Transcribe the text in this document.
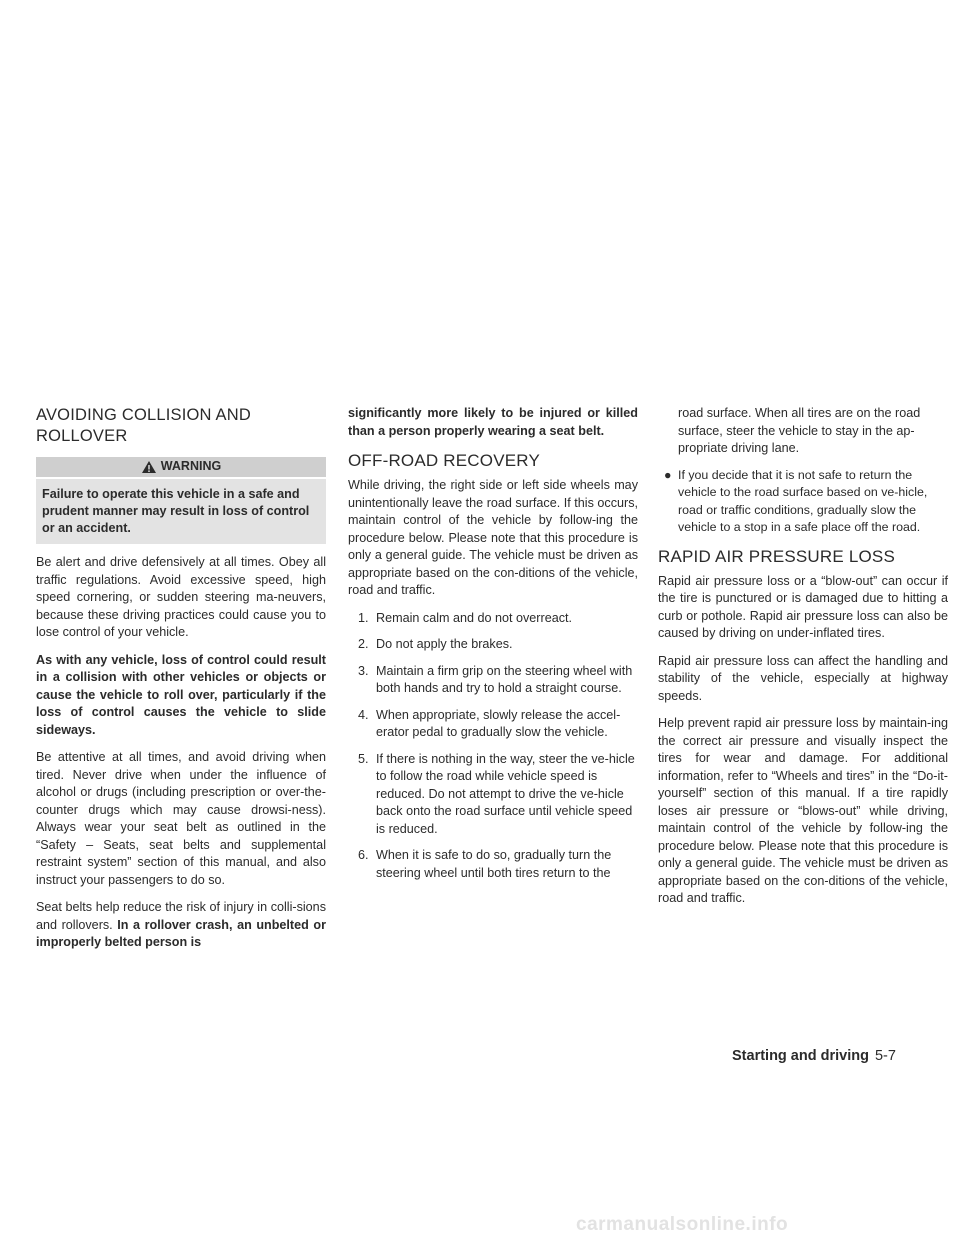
AVOIDING COLLISION AND ROLLOVER
WARNING
Failure to operate this vehicle in a safe and prudent manner may result in loss of control or an accident.

Be alert and drive defensively at all times. Obey all traffic regulations. Avoid excessive speed, high speed cornering, or sudden steering ma-neuvers, because these driving practices could cause you to lose control of your vehicle.

As with any vehicle, loss of control could result in a collision with other vehicles or objects or cause the vehicle to roll over, particularly if the loss of control causes the vehicle to slide sideways.

Be attentive at all times, and avoid driving when tired. Never drive when under the influence of alcohol or drugs (including prescription or over-the-counter drugs which may cause drowsi-ness). Always wear your seat belt as outlined in the “Safety – Seats, seat belts and supplemental restraint system” section of this manual, and also instruct your passengers to do so.

Seat belts help reduce the risk of injury in colli-sions and rollovers. In a rollover crash, an unbelted or improperly belted person is

significantly more likely to be injured or killed than a person properly wearing a seat belt.

OFF-ROAD RECOVERY

While driving, the right side or left side wheels may unintentionally leave the road surface. If this occurs, maintain control of the vehicle by follow-ing the procedure below. Please note that this procedure is only a general guide. The vehicle must be driven as appropriate based on the con-ditions of the vehicle, road and traffic.

1. Remain calm and do not overreact.
2. Do not apply the brakes.
3. Maintain a firm grip on the steering wheel with both hands and try to hold a straight course.
4. When appropriate, slowly release the accel-erator pedal to gradually slow the vehicle.
5. If there is nothing in the way, steer the ve-hicle to follow the road while vehicle speed is reduced. Do not attempt to drive the ve-hicle back onto the road surface until vehicle speed is reduced.
6. When it is safe to do so, gradually turn the steering wheel until both tires return to the
road surface. When all tires are on the road surface, steer the vehicle to stay in the ap-propriate driving lane.
● If you decide that it is not safe to return the vehicle to the road surface based on ve-hicle, road or traffic conditions, gradually slow the vehicle to a stop in a safe place off the road.
RAPID AIR PRESSURE LOSS

Rapid air pressure loss or a “blow-out” can occur if the tire is punctured or is damaged due to hitting a curb or pothole. Rapid air pressure loss can also be caused by driving on under-inflated tires.

Rapid air pressure loss can affect the handling and stability of the vehicle, especially at highway speeds.

Help prevent rapid air pressure loss by maintain-ing the correct air pressure and visually inspect the tires for wear and damage. For additional information, refer to “Wheels and tires” in the “Do-it-yourself” section of this manual. If a tire rapidly loses air pressure or “blows-out” while driving, maintain control of the vehicle by follow-ing the procedure below. Please note that this procedure is only a general guide. The vehicle must be driven as appropriate based on the con-ditions of the vehicle, road and traffic.

Starting and driving 5-7
carmanualsonline.info
